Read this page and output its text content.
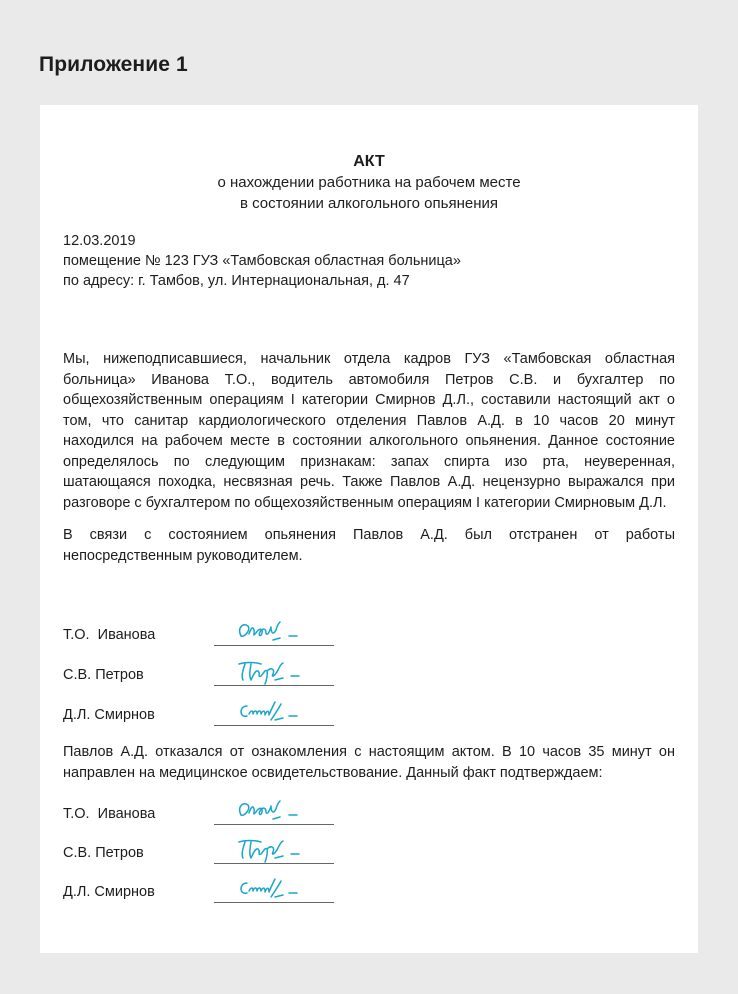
Приложение 1
АКТ
о нахождении работника на рабочем месте
в состоянии алкогольного опьянения
12.03.2019
помещение № 123 ГУЗ «Тамбовская областная больница»
по адресу: г. Тамбов, ул. Интернациональная, д. 47
Мы, нижеподписавшиеся, начальник отдела кадров ГУЗ «Тамбовская областная больница» Иванова Т.О., водитель автомобиля Петров С.В. и бухгалтер по общехозяйственным операциям I категории Смирнов Д.Л., составили настоящий акт о том, что санитар кардиологического отделения Павлов А.Д. в 10 часов 20 минут находился на рабочем месте в состоянии алкогольного опьянения. Данное состояние определялось по следующим признакам: запах спирта изо рта, неуверенная, шатающаяся походка, несвязная речь. Также Павлов А.Д. нецензурно выражался при разговоре с бухгалтером по общехозяйственным операциям I категории Смирновым Д.Л.
В связи с состоянием опьянения Павлов А.Д. был отстранен от работы непосредственным руководителем.
Т.О.  Иванова
С.В. Петров
Д.Л. Смирнов
Павлов А.Д. отказался от ознакомления с настоящим актом. В 10 часов 35 минут он направлен на медицинское освидетельствование. Данный факт подтверждаем:
Т.О.  Иванова
С.В. Петров
Д.Л. Смирнов
